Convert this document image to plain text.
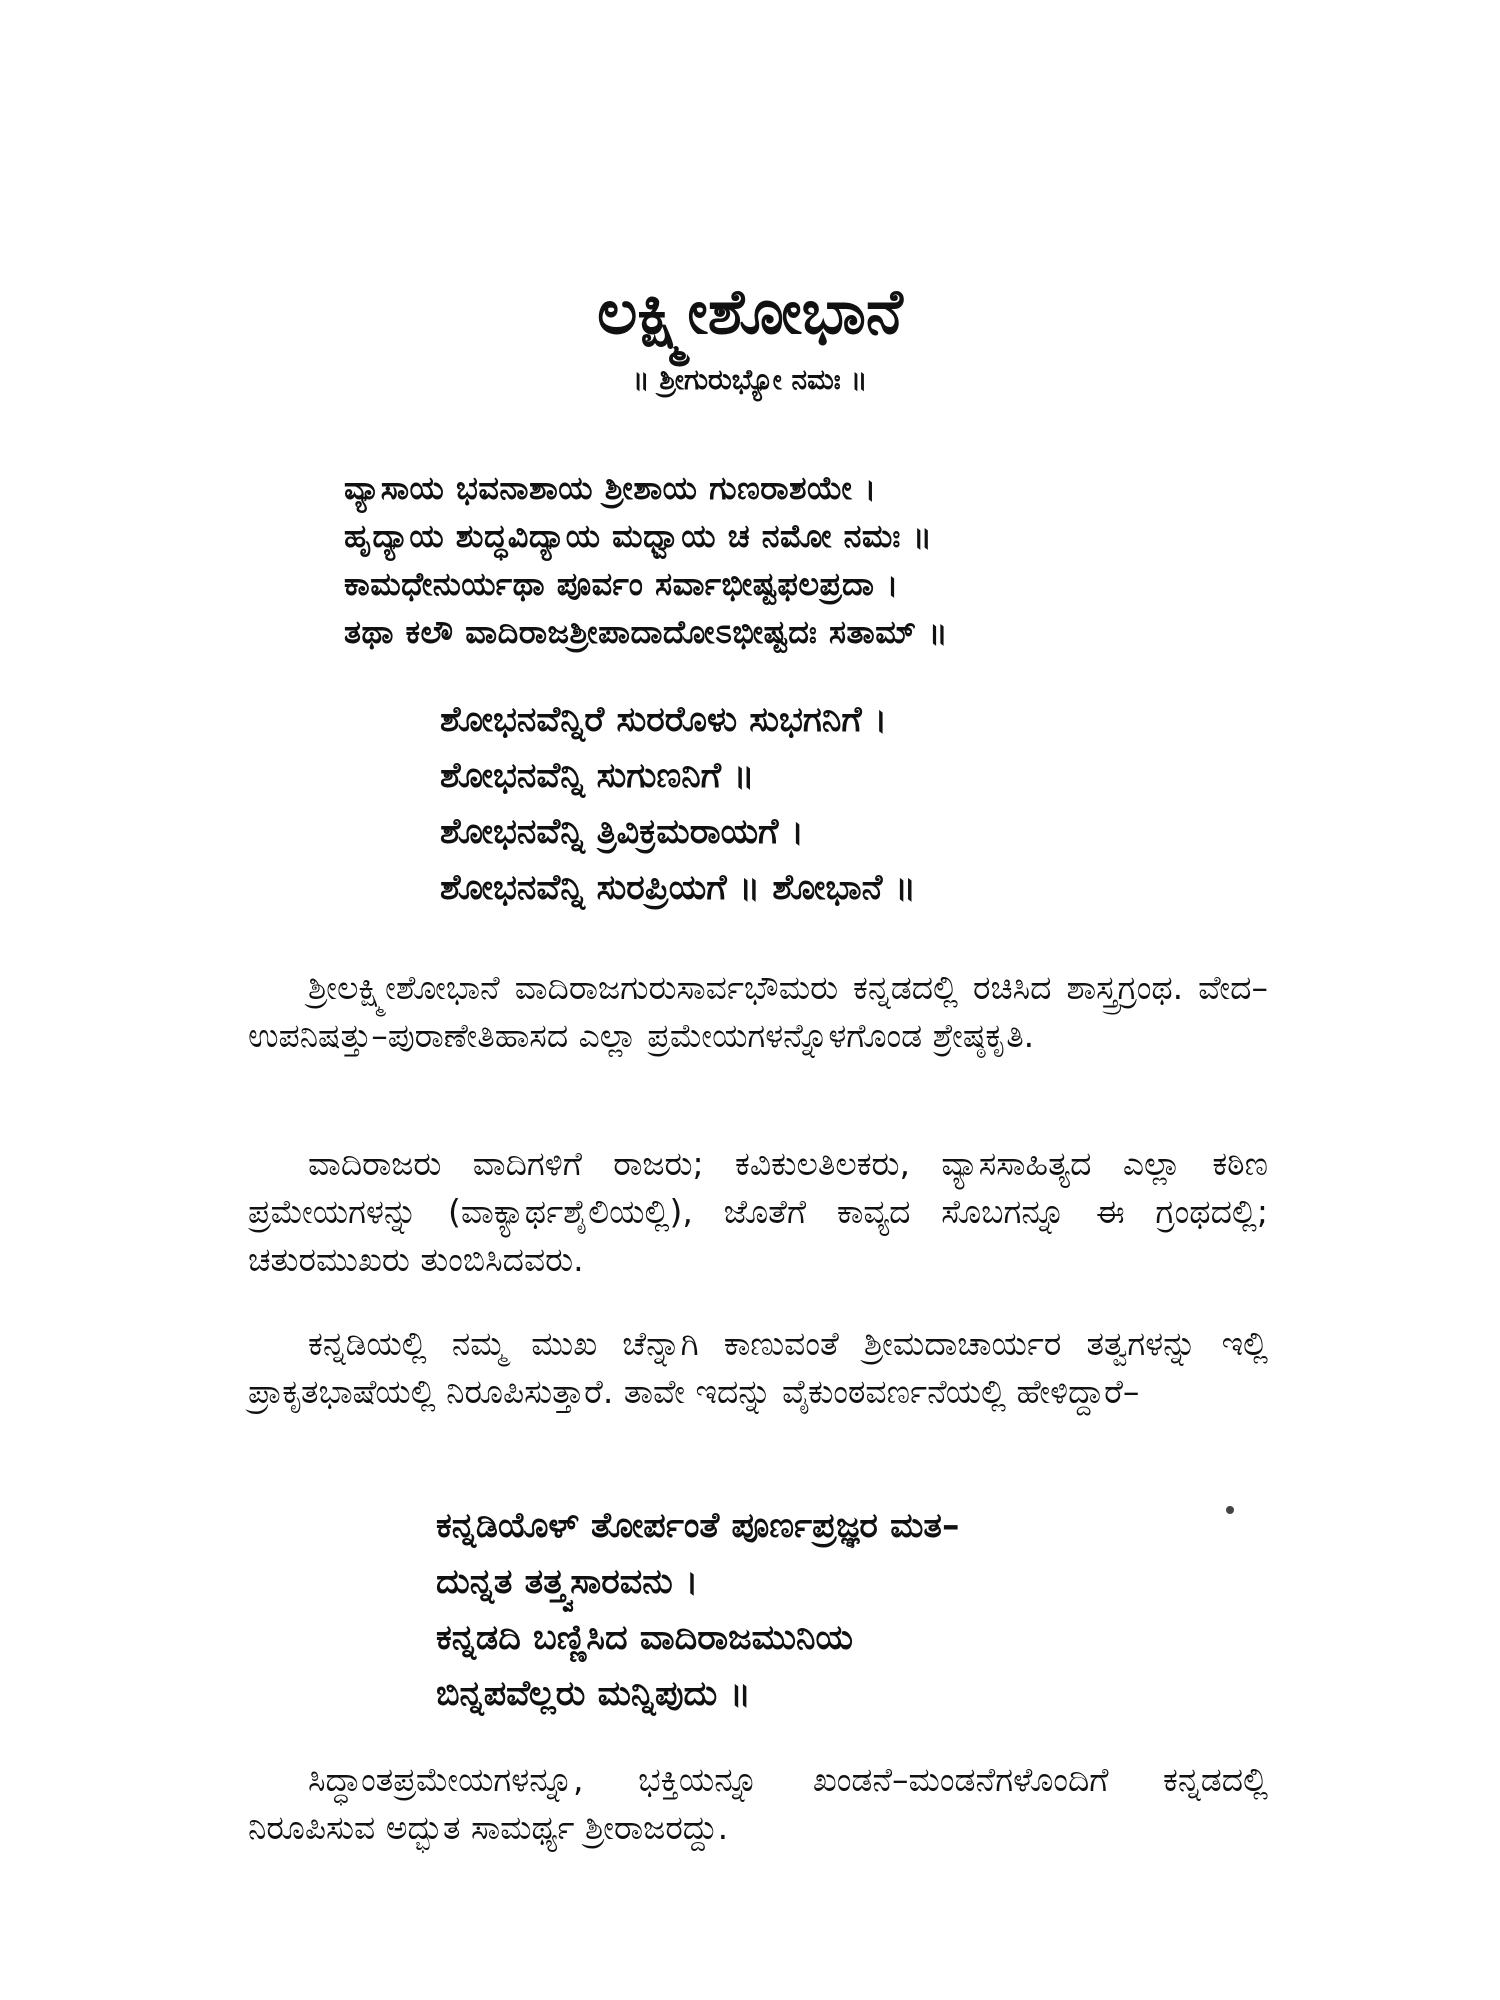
ಲಕ್ಷ್ಮೀಶೋಭಾನೆ
॥ ಶ್ರೀಗುರುಭ್ಯೋ ನಮಃ ॥
ವ್ಯಾಸಾಯ ಭವನಾಶಾಯ ಶ್ರೀಶಾಯ ಗುಣರಾಶಯೇ ।
ಹೃದ್ಯಾಯ ಶುದ್ಧವಿದ್ಯಾಯ ಮಧ್ವಾಯ ಚ ನಮೋ ನಮಃ ॥
ಕಾಮಧೇನುರ್ಯಥಾ ಪೂರ್ವಂ ಸರ್ವಾಭೀಷ್ಟಫಲಪ್ರದಾ ।
ತಥಾ ಕಲೌ ವಾದಿರಾಜಶ್ರೀಪಾದಾದೋಽಭೀಷ್ಟದಃ ಸತಾಮ್ ॥
ಶೋಭನವೆನ್ನಿರೆ ಸುರರೊಳು ಸುಭಗನಿಗೆ ।
ಶೋಭನವೆನ್ನಿ ಸುಗುಣನಿಗೆ ॥
ಶೋಭನವೆನ್ನಿ ತ್ರಿವಿಕ್ರಮರಾಯಗೆ ।
ಶೋಭನವೆನ್ನಿ ಸುರಪ್ರಿಯಗೆ ॥ ಶೋಭಾನೆ ॥

ಶ್ರೀಲಕ್ಷ್ಮೀಶೋಭಾನೆ ವಾದಿರಾಜಗುರುಸಾರ್ವಭೌಮರು ಕನ್ನಡದಲ್ಲಿ ರಚಿಸಿದ ಶಾಸ್ತ್ರಗ್ರಂಥ. ವೇದ–ಉಪನಿಷತ್ತು–ಪುರಾಣೇತಿಹಾಸದ ಎಲ್ಲಾ ಪ್ರಮೇಯಗಳನ್ನೊಳಗೊಂಡ ಶ್ರೇಷ್ಠಕೃತಿ.

ವಾದಿರಾಜರು ವಾದಿಗಳಿಗೆ ರಾಜರು; ಕವಿಕುಲತಿಲಕರು, ವ್ಯಾಸಸಾಹಿತ್ಯದ ಎಲ್ಲಾ ಕಠಿಣ ಪ್ರಮೇಯಗಳನ್ನು (ವಾಕ್ಯಾರ್ಥಶೈಲಿಯಲ್ಲಿ), ಜೊತೆಗೆ ಕಾವ್ಯದ ಸೊಬಗನ್ನೂ ಈ ಗ್ರಂಥದಲ್ಲಿ; ಚತುರಮುಖರು ತುಂಬಿಸಿದವರು.

ಕನ್ನಡಿಯಲ್ಲಿ ನಮ್ಮ ಮುಖ ಚೆನ್ನಾಗಿ ಕಾಣುವಂತೆ ಶ್ರೀಮದಾಚಾರ್ಯರ ತತ್ವಗಳನ್ನು ಇಲ್ಲಿ ಪ್ರಾಕೃತಭಾಷೆಯಲ್ಲಿ ನಿರೂಪಿಸುತ್ತಾರೆ. ತಾವೇ ಇದನ್ನು ವೈಕುಂಠವರ್ಣನೆಯಲ್ಲಿ ಹೇಳಿದ್ದಾರೆ–

ಕನ್ನಡಿಯೊಳ್ ತೋರ್ಪಂತೆ ಪೂರ್ಣಪ್ರಜ್ಞರ ಮತ–
ದುನ್ನತ ತತ್ತ್ವಸಾರವನು ।
ಕನ್ನಡದಿ ಬಣ್ಣಿಸಿದ ವಾದಿರಾಜಮುನಿಯ
ಬಿನ್ನಪವೆಲ್ಲರು ಮನ್ನಿಪುದು ॥

ಸಿದ್ಧಾಂತಪ್ರಮೇಯಗಳನ್ನೂ, ಭಕ್ತಿಯನ್ನೂ ಖಂಡನೆ–ಮಂಡನೆಗಳೊಂದಿಗೆ ಕನ್ನಡದಲ್ಲಿ ನಿರೂಪಿಸುವ ಅದ್ಭುತ ಸಾಮರ್ಥ್ಯ ಶ್ರೀರಾಜರದ್ದು.
